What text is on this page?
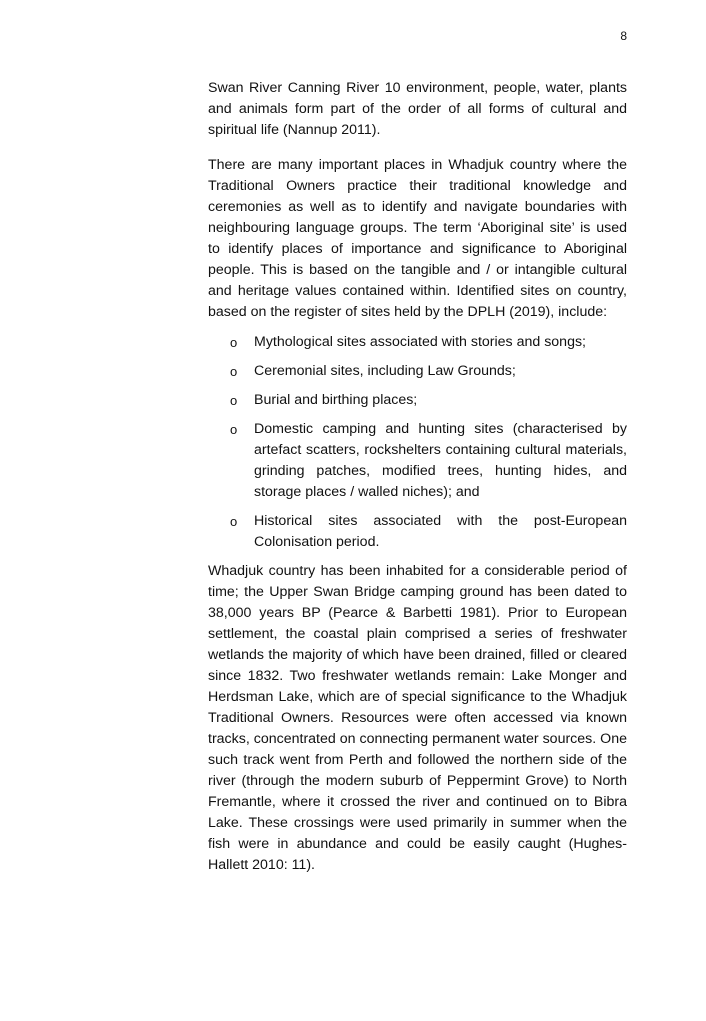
8

Swan River Canning River 10 environment, people, water, plants and animals form part of the order of all forms of cultural and spiritual life (Nannup 2011).

There are many important places in Whadjuk country where the Traditional Owners practice their traditional knowledge and ceremonies as well as to identify and navigate boundaries with neighbouring language groups. The term ‘Aboriginal site’ is used to identify places of importance and significance to Aboriginal people. This is based on the tangible and / or intangible cultural and heritage values contained within. Identified sites on country, based on the register of sites held by the DPLH (2019), include:

o Mythological sites associated with stories and songs;
o Ceremonial sites, including Law Grounds;
o Burial and birthing places;
o Domestic camping and hunting sites (characterised by artefact scatters, rockshelters containing cultural materials, grinding patches, modified trees, hunting hides, and storage places / walled niches); and
o Historical sites associated with the post-European Colonisation period.

Whadjuk country has been inhabited for a considerable period of time; the Upper Swan Bridge camping ground has been dated to 38,000 years BP (Pearce & Barbetti 1981). Prior to European settlement, the coastal plain comprised a series of freshwater wetlands the majority of which have been drained, filled or cleared since 1832. Two freshwater wetlands remain: Lake Monger and Herdsman Lake, which are of special significance to the Whadjuk Traditional Owners. Resources were often accessed via known tracks, concentrated on connecting permanent water sources. One such track went from Perth and followed the northern side of the river (through the modern suburb of Peppermint Grove) to North Fremantle, where it crossed the river and continued on to Bibra Lake. These crossings were used primarily in summer when the fish were in abundance and could be easily caught (Hughes-Hallett 2010: 11).
